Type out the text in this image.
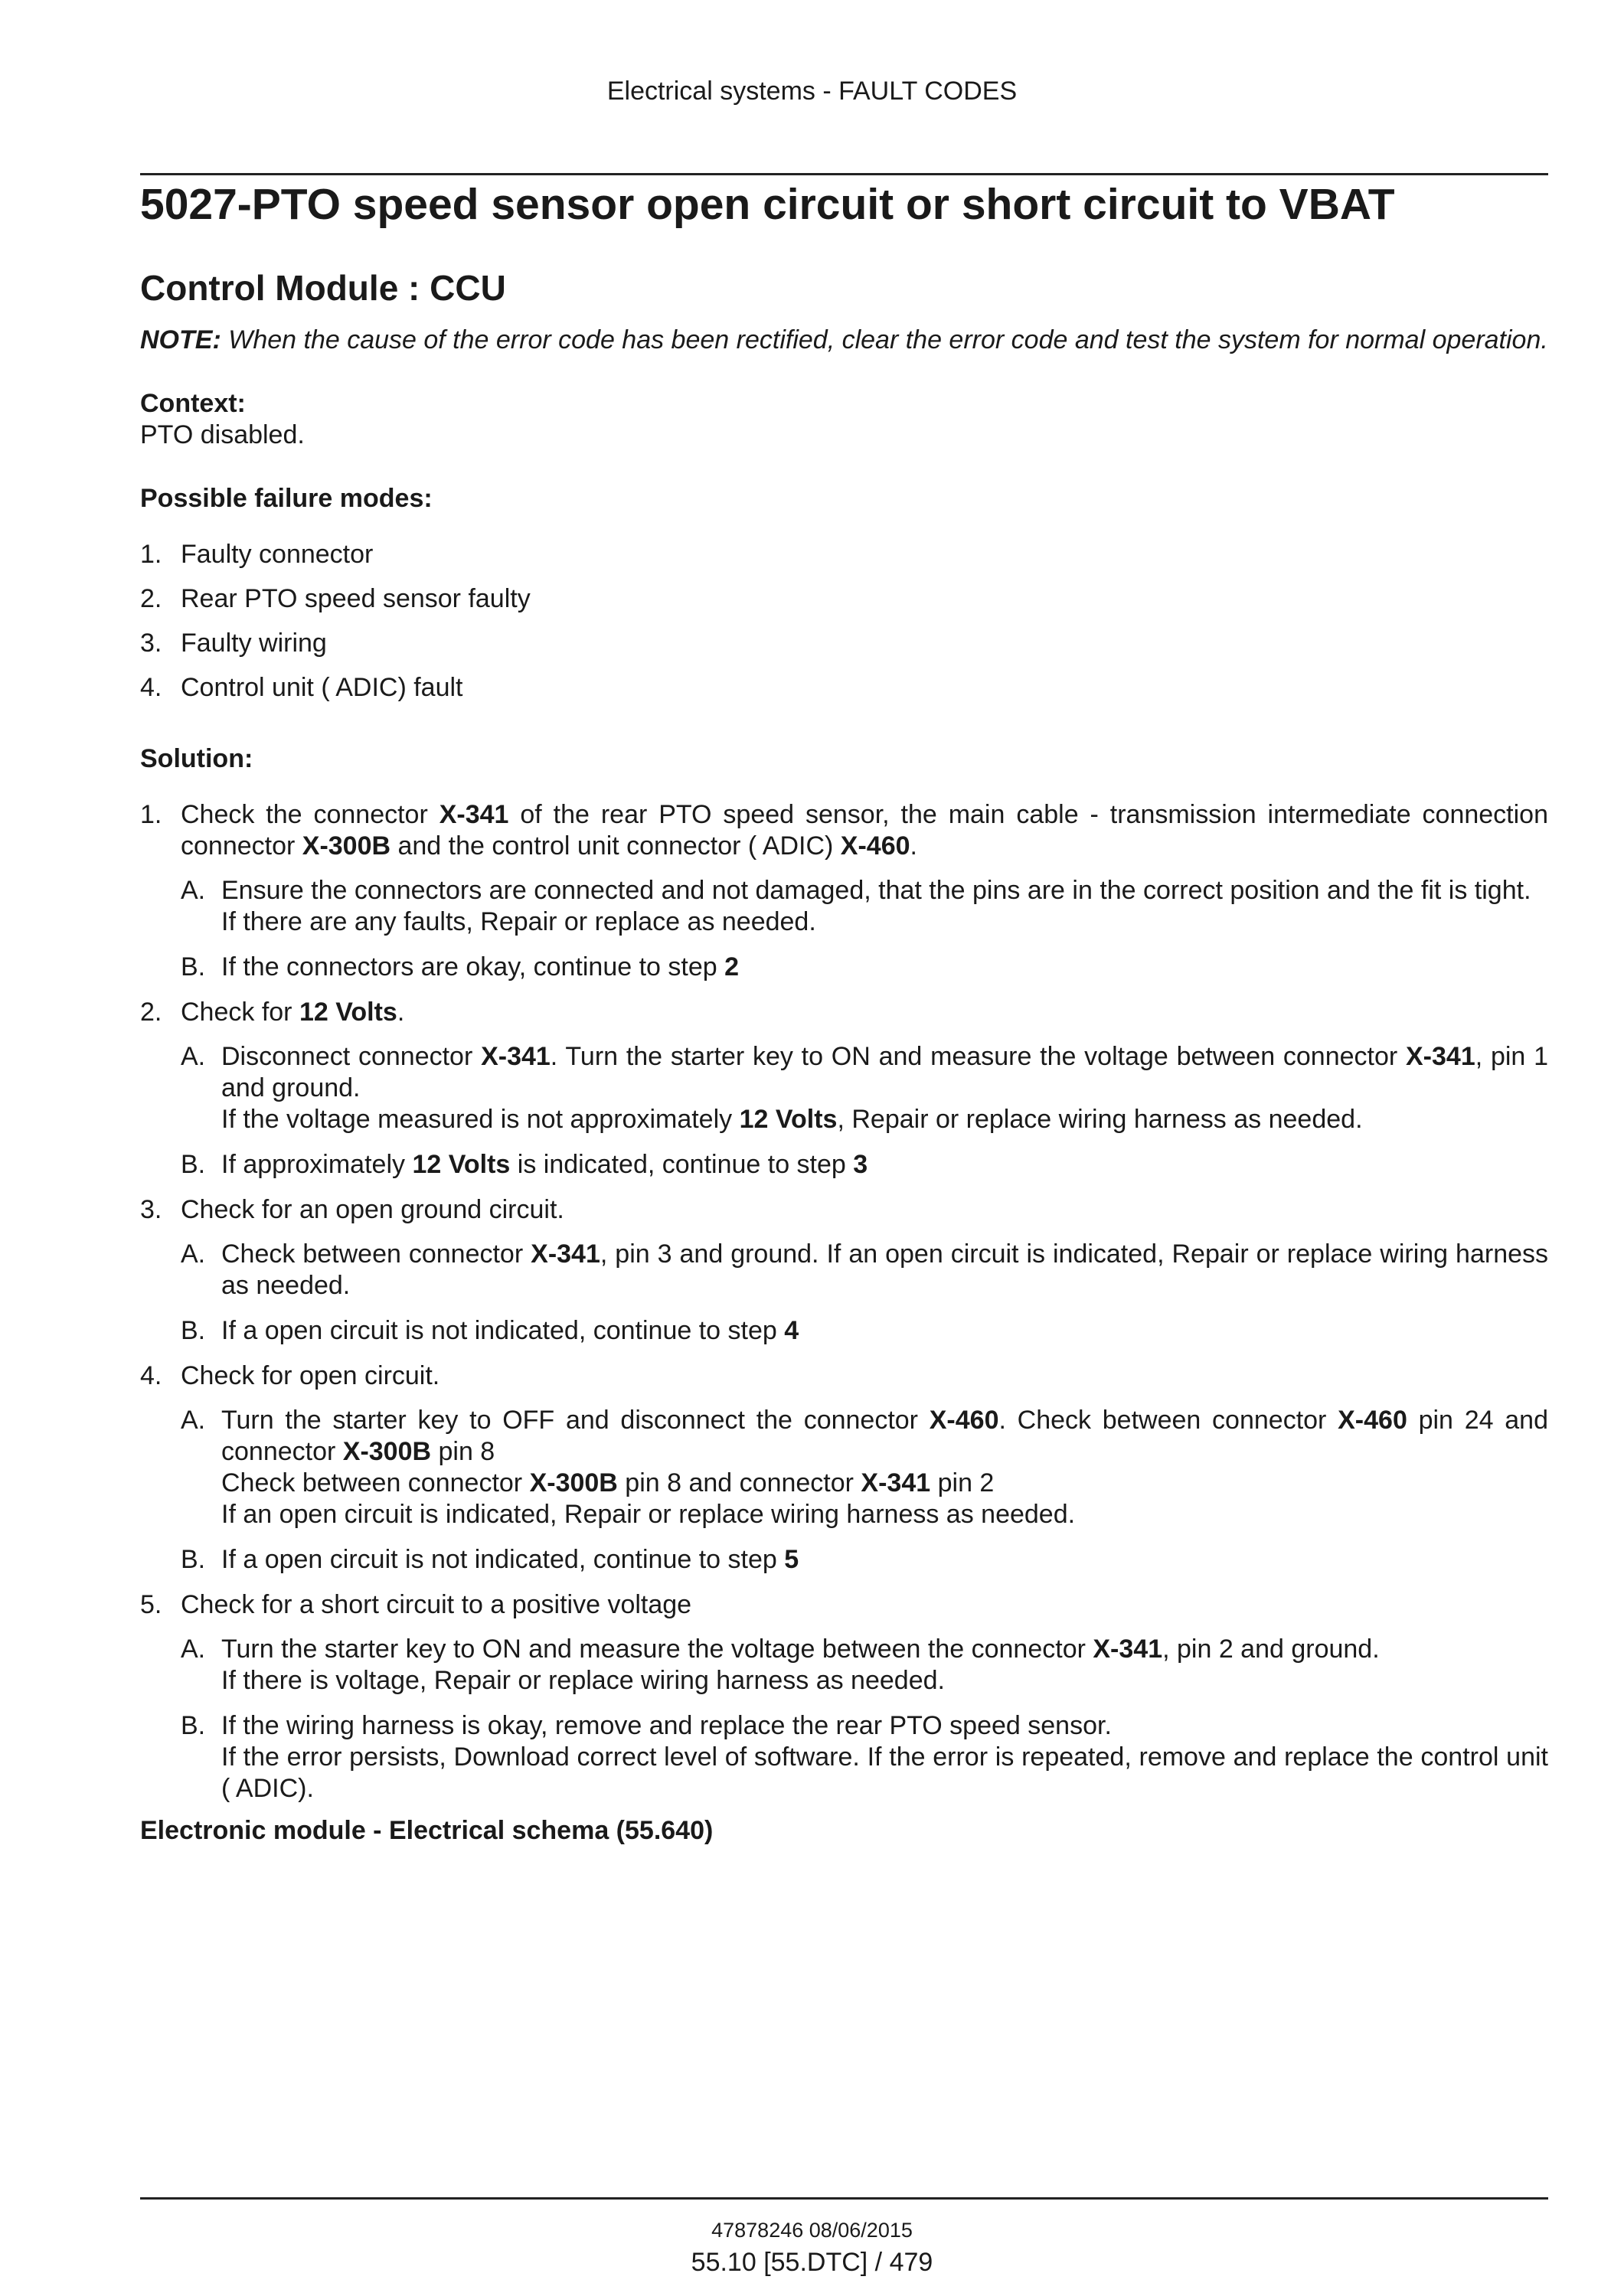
Electrical systems - FAULT CODES
5027-PTO speed sensor open circuit or short circuit to VBAT
Control Module : CCU

NOTE: When the cause of the error code has been rectified, clear the error code and test the system for normal operation.

Context:

PTO disabled.

Possible failure modes:

1. Faulty connector
2. Rear PTO speed sensor faulty
3. Faulty wiring
4. Control unit ( ADIC) fault

Solution:

1. Check the connector X-341 of the rear PTO speed sensor, the main cable - transmission intermediate connection connector X-300B and the control unit connector ( ADIC) X-460.
A. Ensure the connectors are connected and not damaged, that the pins are in the correct position and the fit is tight.
If there are any faults, Repair or replace as needed.
B. If the connectors are okay, continue to step 2
2. Check for 12 Volts.
A. Disconnect connector X-341. Turn the starter key to ON and measure the voltage between connector X-341, pin 1 and ground.
If the voltage measured is not approximately 12 Volts, Repair or replace wiring harness as needed.
B. If approximately 12 Volts is indicated, continue to step 3
3. Check for an open ground circuit.
A. Check between connector X-341, pin 3 and ground. If an open circuit is indicated, Repair or replace wiring harness as needed.
B. If a open circuit is not indicated, continue to step 4
4. Check for open circuit.
A. Turn the starter key to OFF and disconnect the connector X-460. Check between connector X-460 pin 24 and connector X-300B pin 8
Check between connector X-300B pin 8 and connector X-341 pin 2
If an open circuit is indicated, Repair or replace wiring harness as needed.
B. If a open circuit is not indicated, continue to step 5
5. Check for a short circuit to a positive voltage
A. Turn the starter key to ON and measure the voltage between the connector X-341, pin 2 and ground.
If there is voltage, Repair or replace wiring harness as needed.
B. If the wiring harness is okay, remove and replace the rear PTO speed sensor.
If the error persists, Download correct level of software. If the error is repeated, remove and replace the control unit ( ADIC).

Electronic module - Electrical schema (55.640)

47878246 08/06/2015
55.10 [55.DTC] / 479
